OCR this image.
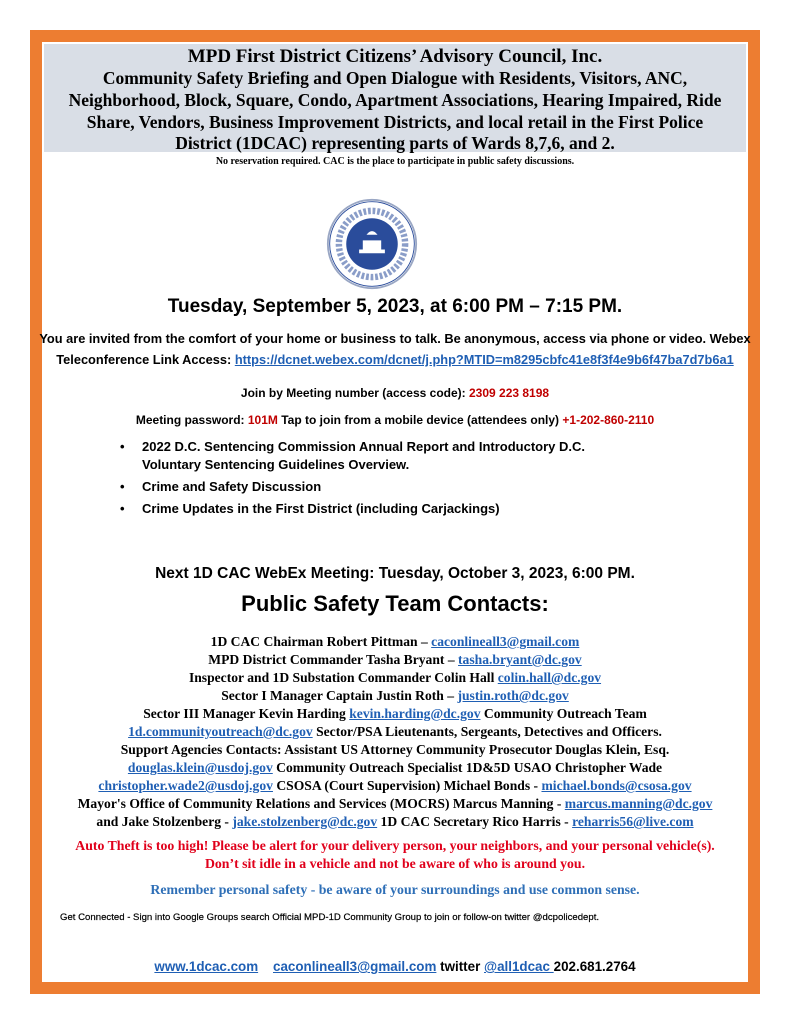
MPD First District Citizens’ Advisory Council, Inc.
Community Safety Briefing and Open Dialogue with Residents, Visitors, ANC,
Neighborhood, Block, Square, Condo, Apartment Associations, Hearing Impaired, Ride
Share, Vendors, Business Improvement Districts, and local retail in the First Police
District (1DCAC) representing parts of Wards 8,7,6, and 2.
No reservation required. CAC is the place to participate in public safety discussions.
Tuesday, September 5, 2023, at 6:00 PM – 7:15 PM.
You are invited from the comfort of your home or business to talk. Be anonymous, access via phone or video. Webex
Teleconference Link Access: https://dcnet.webex.com/dcnet/j.php?MTID=m8295cbfc41e8f3f4e9b6f47ba7d7b6a1
Join by Meeting number (access code): 2309 223 8198
Meeting password: 101M Tap to join from a mobile device (attendees only) +1-202-860-2110
• 2022 D.C. Sentencing Commission Annual Report and Introductory D.C.
Voluntary Sentencing Guidelines Overview.
• Crime and Safety Discussion
• Crime Updates in the First District (including Carjackings)
Next 1D CAC WebEx Meeting: Tuesday, October 3, 2023, 6:00 PM.
Public Safety Team Contacts:
1D CAC Chairman Robert Pittman – caconlineall3@gmail.com
MPD District Commander Tasha Bryant – tasha.bryant@dc.gov
Inspector and 1D Substation Commander Colin Hall colin.hall@dc.gov
Sector I Manager Captain Justin Roth – justin.roth@dc.gov
Sector III Manager Kevin Harding kevin.harding@dc.gov Community Outreach Team
1d.communityoutreach@dc.gov Sector/PSA Lieutenants, Sergeants, Detectives and Officers.
Support Agencies Contacts: Assistant US Attorney Community Prosecutor Douglas Klein, Esq.
douglas.klein@usdoj.gov Community Outreach Specialist 1D&5D USAO Christopher Wade
christopher.wade2@usdoj.gov CSOSA (Court Supervision) Michael Bonds - michael.bonds@csosa.gov
Mayor's Office of Community Relations and Services (MOCRS) Marcus Manning - marcus.manning@dc.gov
and Jake Stolzenberg - jake.stolzenberg@dc.gov 1D CAC Secretary Rico Harris - reharris56@live.com
Auto Theft is too high! Please be alert for your delivery person, your neighbors, and your personal vehicle(s).
Don’t sit idle in a vehicle and not be aware of who is around you.
Remember personal safety - be aware of your surroundings and use common sense.
Get Connected - Sign into Google Groups search Official MPD-1D Community Group to join or follow-on twitter @dcpolicedept.
www.1dcac.com caconlineall3@gmail.com twitter @all1dcac 202.681.2764
